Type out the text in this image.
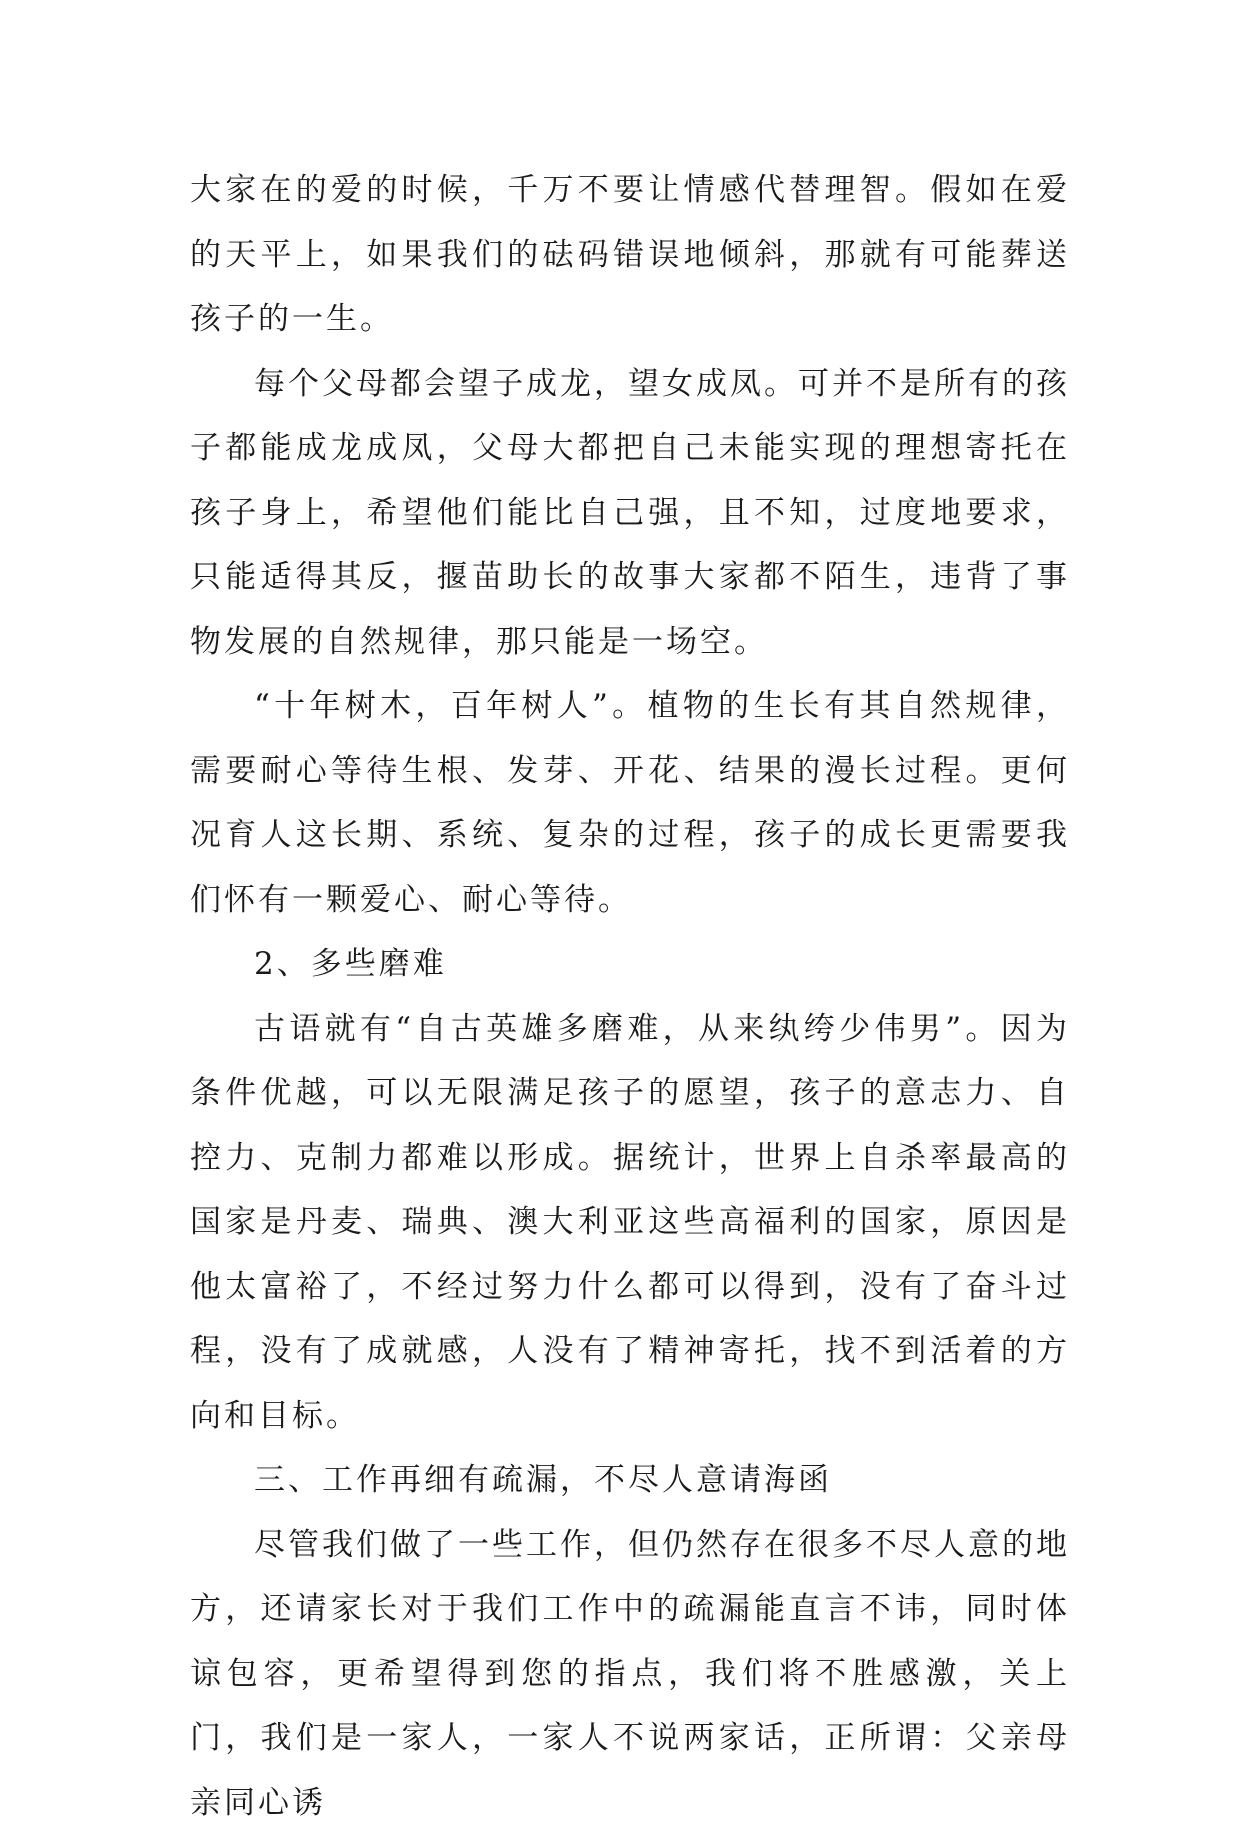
大家在的爱的时候，千万不要让情感代替理智。假如在爱的天平上，如果我们的砝码错误地倾斜，那就有可能葬送孩子的一生。

每个父母都会望子成龙，望女成凤。可并不是所有的孩子都能成龙成凤，父母大都把自己未能实现的理想寄托在孩子身上，希望他们能比自己强，且不知，过度地要求，只能适得其反，揠苗助长的故事大家都不陌生，违背了事物发展的自然规律，那只能是一场空。

“十年树木，百年树人”。植物的生长有其自然规律，需要耐心等待生根、发芽、开花、结果的漫长过程。更何况育人这长期、系统、复杂的过程，孩子的成长更需要我们怀有一颗爱心、耐心等待。

2、多些磨难

古语就有“自古英雄多磨难，从来纨绔少伟男”。因为条件优越，可以无限满足孩子的愿望，孩子的意志力、自控力、克制力都难以形成。据统计，世界上自杀率最高的国家是丹麦、瑞典、澳大利亚这些高福利的国家，原因是他太富裕了，不经过努力什么都可以得到，没有了奋斗过程，没有了成就感，人没有了精神寄托，找不到活着的方向和目标。

三、工作再细有疏漏，不尽人意请海函

尽管我们做了一些工作，但仍然存在很多不尽人意的地方，还请家长对于我们工作中的疏漏能直言不讳，同时体谅包容，更希望得到您的指点，我们将不胜感激，关上门，我们是一家人，一家人不说两家话，正所谓：父亲母亲同心诱
